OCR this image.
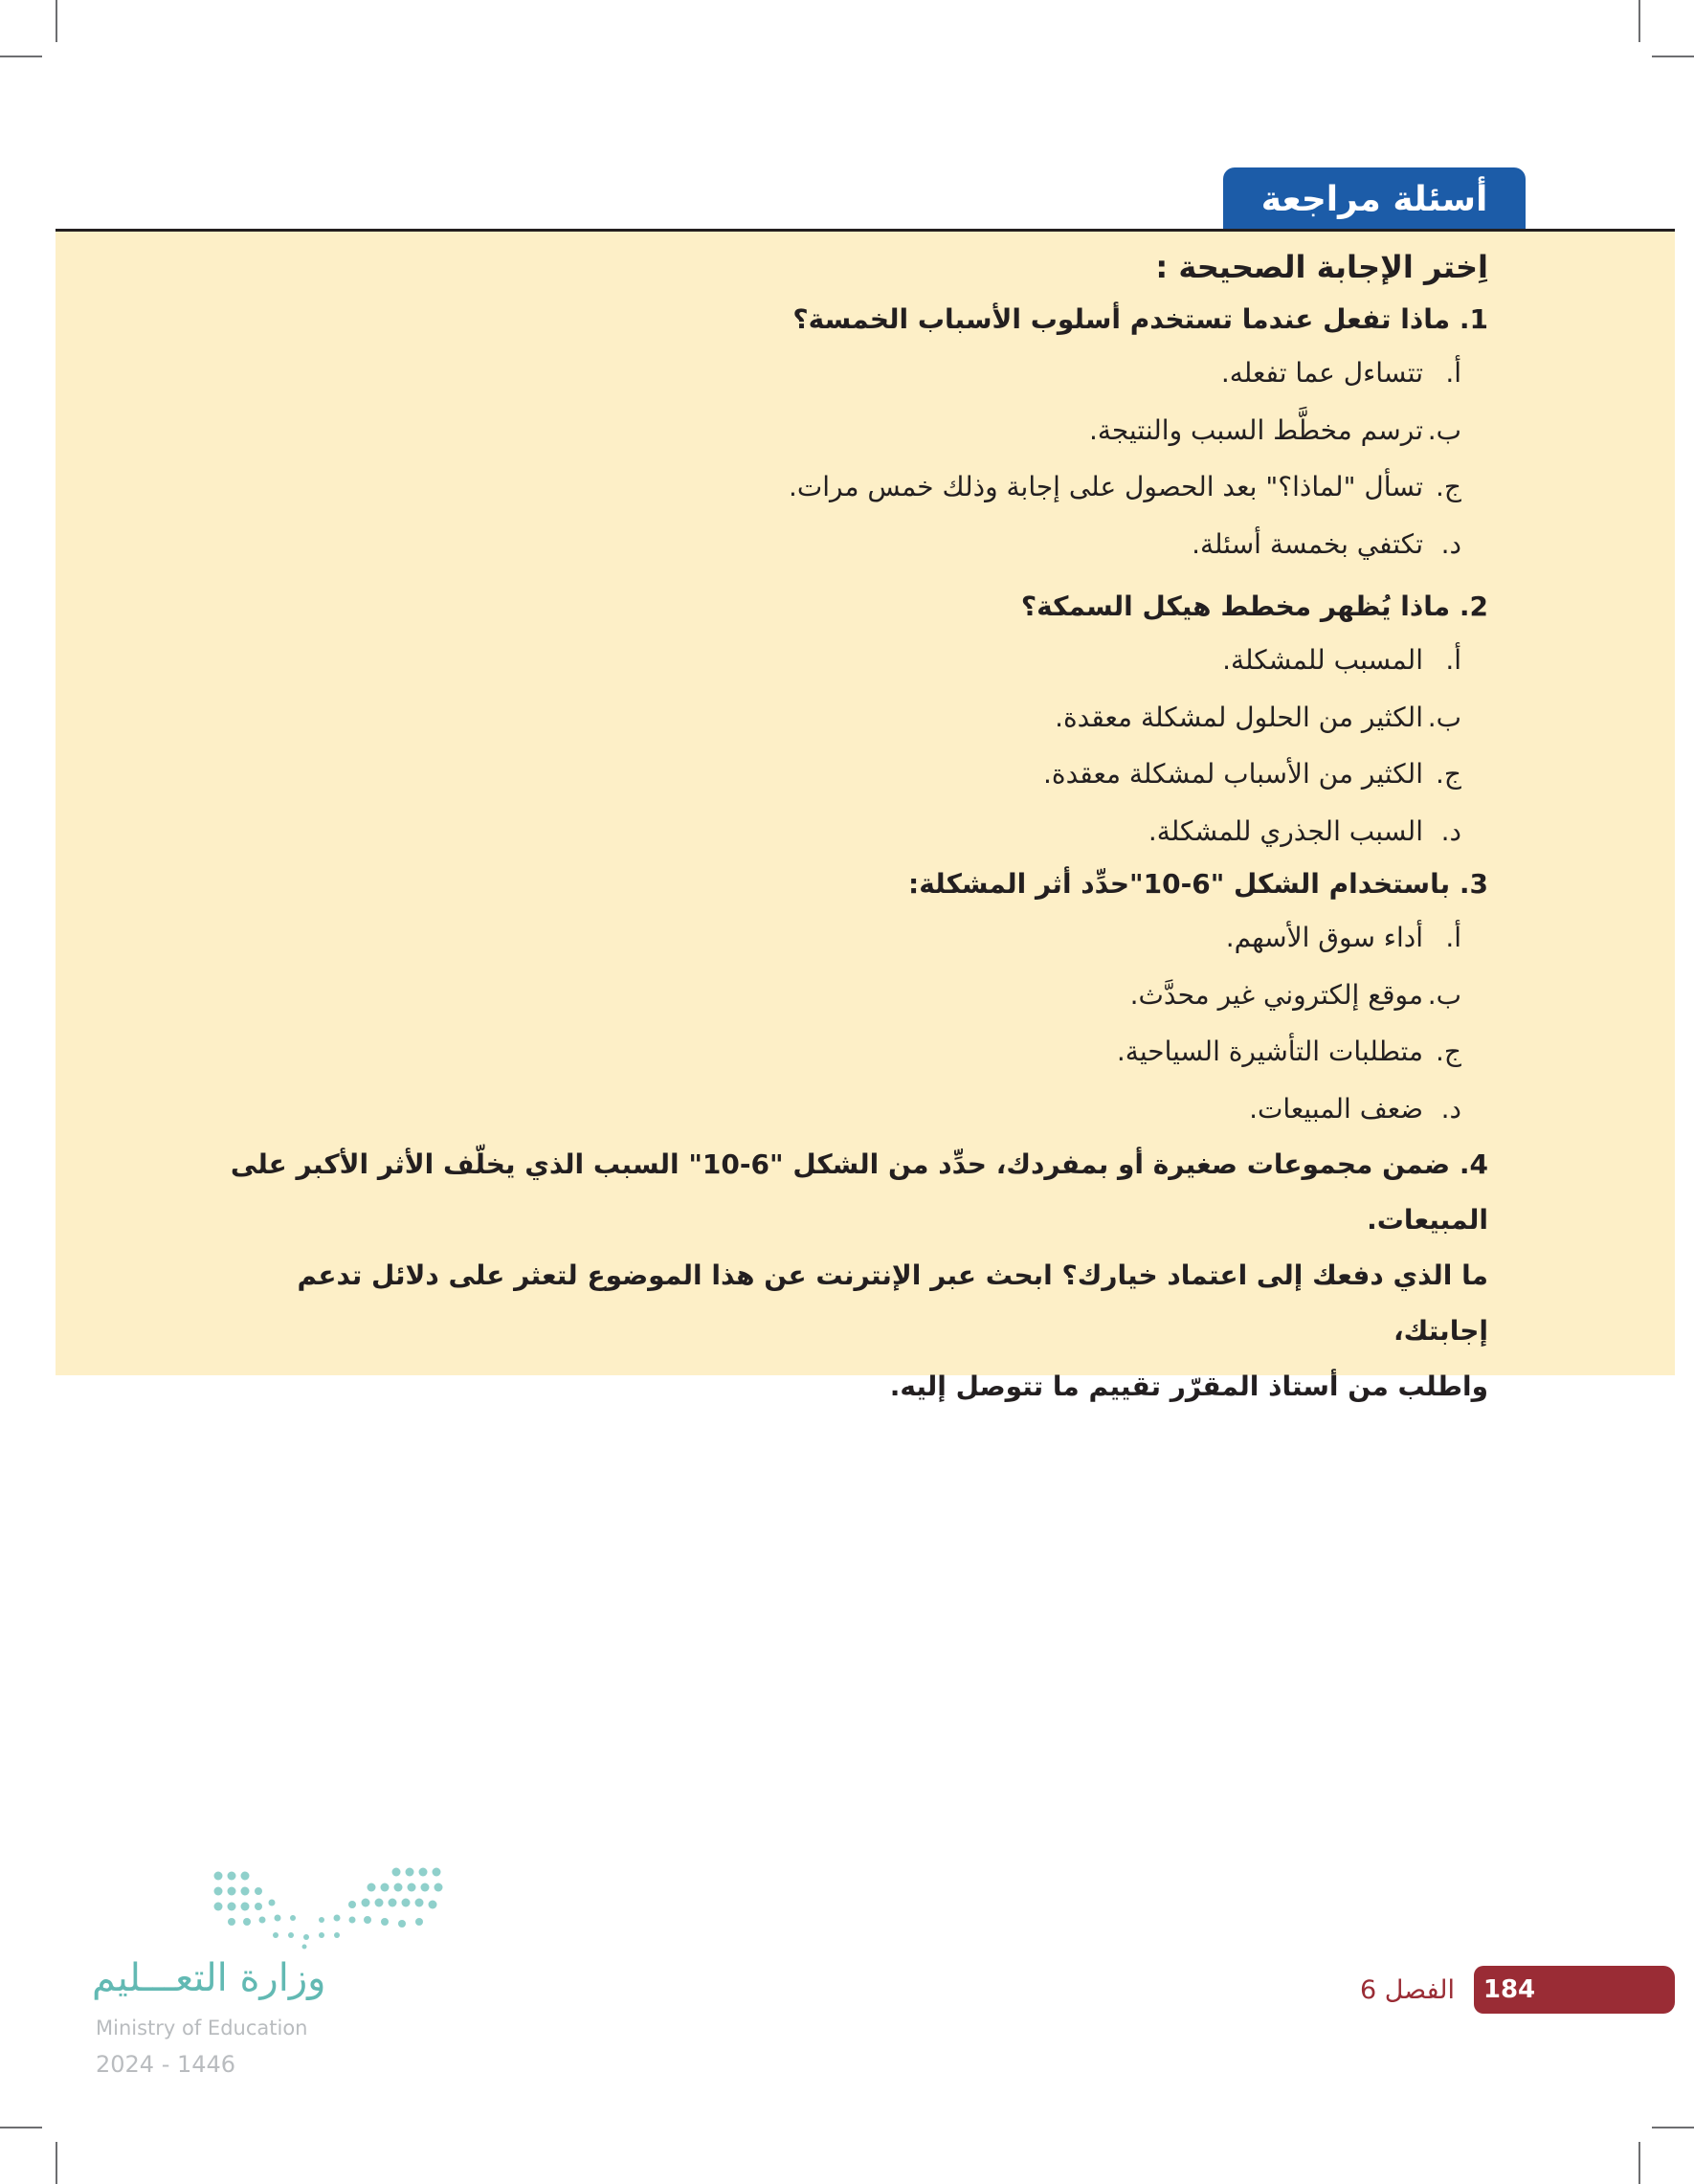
أسئلة مراجعة

اِختر الإجابة الصحيحة :

1. ماذا تفعل عندما تستخدم أسلوب الأسباب الخمسة؟

أ.تتساءل عما تفعله.
ب.ترسم مخطَّط السبب والنتيجة.
ج.تسأل "لماذا؟" بعد الحصول على إجابة وذلك خمس مرات.
د.تكتفي بخمسة أسئلة.

2. ماذا يُظهر مخطط هيكل السمكة؟

أ.المسبب للمشكلة.
ب.الكثير من الحلول لمشكلة معقدة.
ج.الكثير من الأسباب لمشكلة معقدة.
د.السبب الجذري للمشكلة.

3. باستخدام الشكل "6-10"حدِّد أثر المشكلة:

أ.أداء سوق الأسهم.
ب.موقع إلكتروني غير محدَّث.
ج.متطلبات التأشيرة السياحية.
د.ضعف المبيعات.

4. ضمن مجموعات صغيرة أو بمفردك، حدِّد من الشكل "6-10" السبب الذي يخلّف الأثر الأكبر على المبيعات.

ما الذي دفعك إلى اعتماد خيارك؟ ابحث عبر الإنترنت عن هذا الموضوع لتعثر على دلائل تدعم إجابتك،

واطلب من أستاذ المقرّر تقييم ما تتوصل إليه.

وزارة التعـــليم
Ministry of Education
2024 - 1446
الفصل 6 184
